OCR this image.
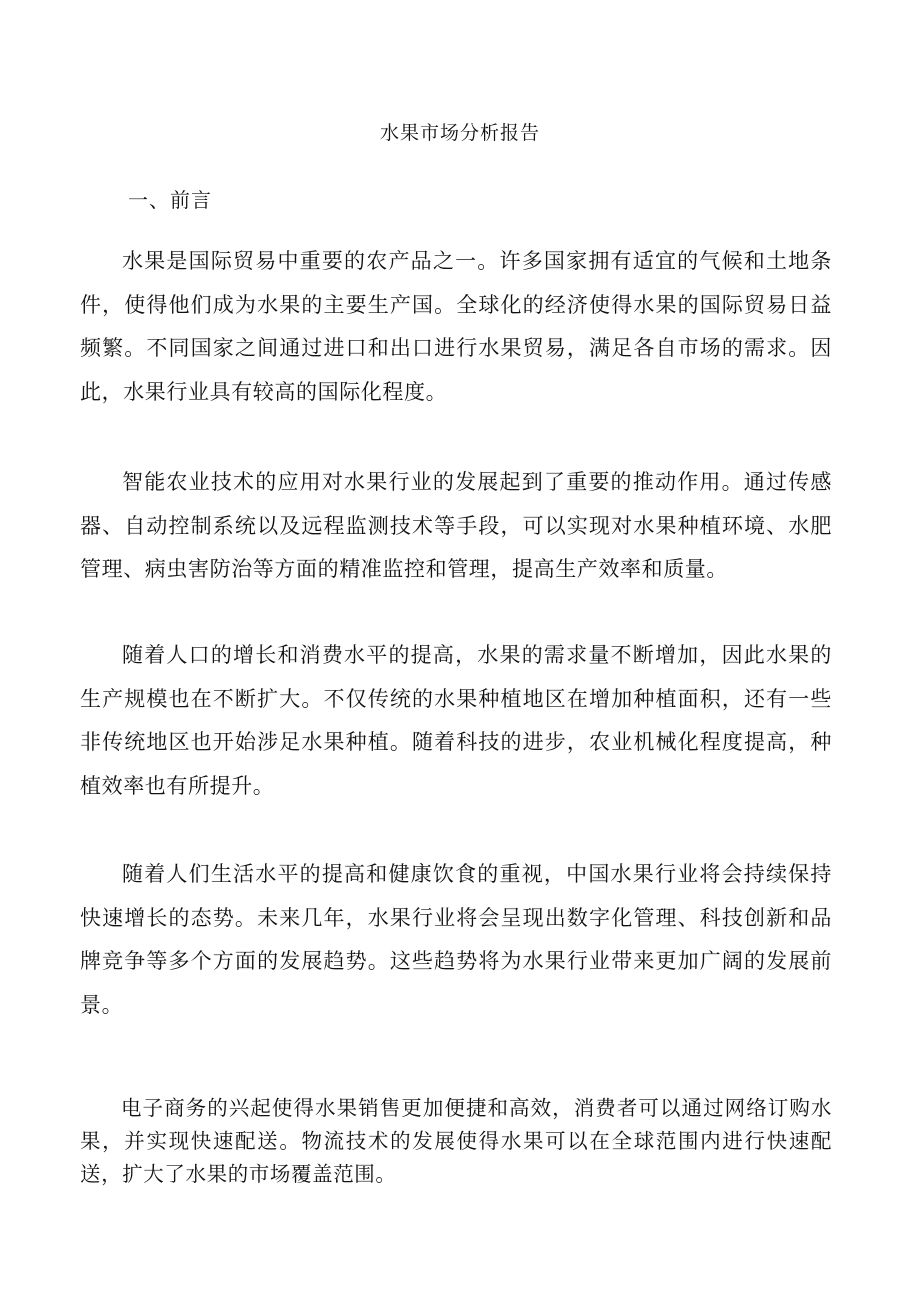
水果市场分析报告
一、前言

水果是国际贸易中重要的农产品之一。许多国家拥有适宜的气候和土地条件，使得他们成为水果的主要生产国。全球化的经济使得水果的国际贸易日益频繁。不同国家之间通过进口和出口进行水果贸易，满足各自市场的需求。因此，水果行业具有较高的国际化程度。

智能农业技术的应用对水果行业的发展起到了重要的推动作用。通过传感器、自动控制系统以及远程监测技术等手段，可以实现对水果种植环境、水肥管理、病虫害防治等方面的精准监控和管理，提高生产效率和质量。

随着人口的增长和消费水平的提高，水果的需求量不断增加，因此水果的生产规模也在不断扩大。不仅传统的水果种植地区在增加种植面积，还有一些非传统地区也开始涉足水果种植。随着科技的进步，农业机械化程度提高，种植效率也有所提升。

随着人们生活水平的提高和健康饮食的重视，中国水果行业将会持续保持快速增长的态势。未来几年，水果行业将会呈现出数字化管理、科技创新和品牌竞争等多个方面的发展趋势。这些趋势将为水果行业带来更加广阔的发展前景。

电子商务的兴起使得水果销售更加便捷和高效，消费者可以通过网络订购水果，并实现快速配送。物流技术的发展使得水果可以在全球范围内进行快速配送，扩大了水果的市场覆盖范围。
